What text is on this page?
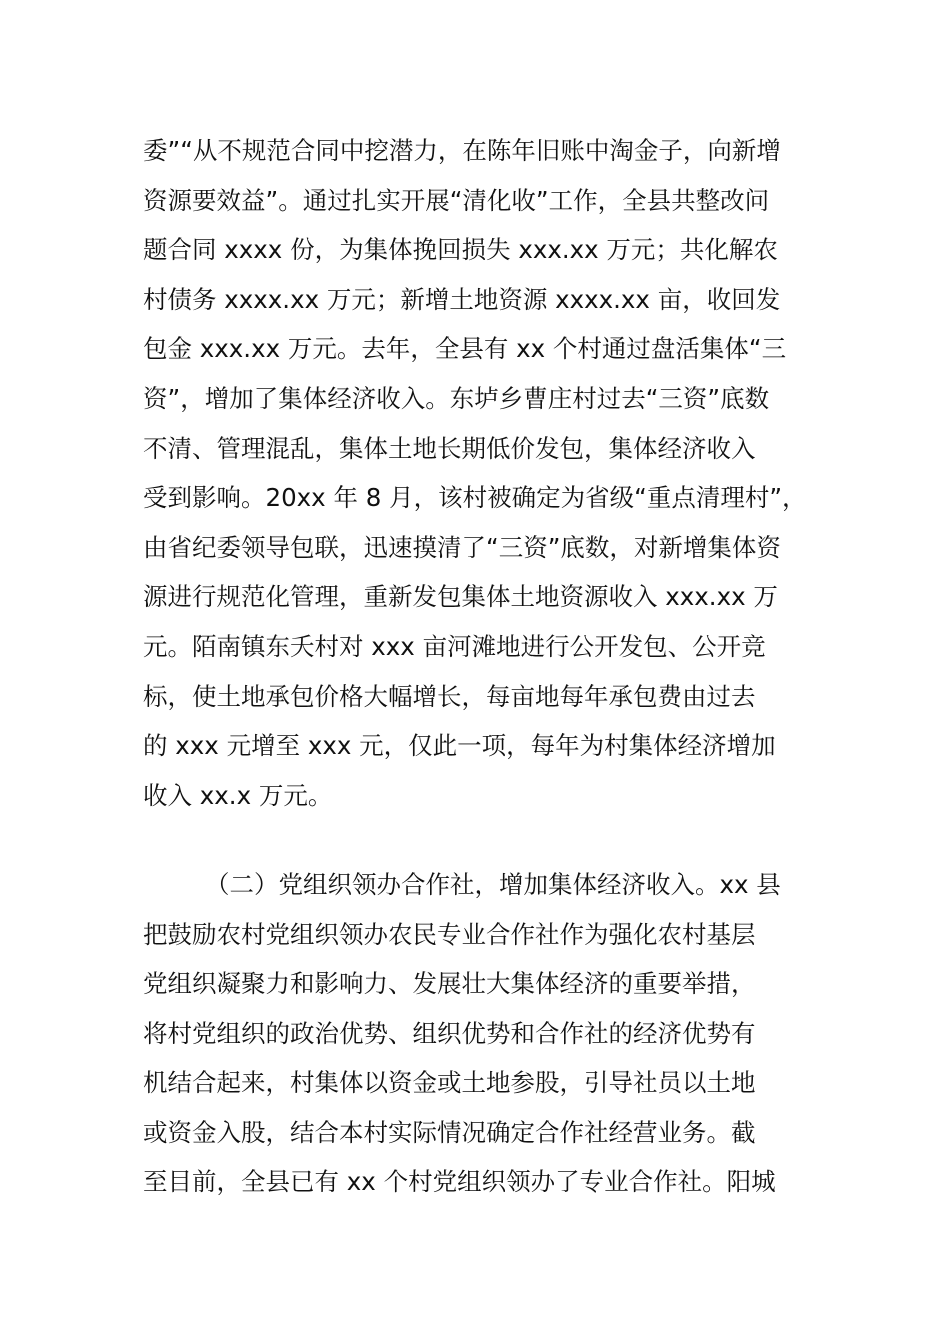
委”“从不规范合同中挖潜力，在陈年旧账中淘金子，向新增
资源要效益”。通过扎实开展“清化收”工作，全县共整改问
题合同 xxxx 份，为集体挽回损失 xxx.xx 万元；共化解农
村债务 xxxx.xx 万元；新增土地资源 xxxx.xx 亩，收回发
包金 xxx.xx 万元。去年，全县有 xx 个村通过盘活集体“三
资”，增加了集体经济收入。东垆乡曹庄村过去“三资”底数
不清、管理混乱，集体土地长期低价发包，集体经济收入
受到影响。20xx 年 8 月，该村被确定为省级“重点清理村”，
由省纪委领导包联，迅速摸清了“三资”底数，对新增集体资
源进行规范化管理，重新发包集体土地资源收入 xxx.xx 万
元。陌南镇东夭村对 xxx 亩河滩地进行公开发包、公开竞
标，使土地承包价格大幅增长，每亩地每年承包费由过去
的 xxx 元增至 xxx 元，仅此一项，每年为村集体经济增加
收入 xx.x 万元。
（二）党组织领办合作社，增加集体经济收入。xx 县
把鼓励农村党组织领办农民专业合作社作为强化农村基层
党组织凝聚力和影响力、发展壮大集体经济的重要举措，
将村党组织的政治优势、组织优势和合作社的经济优势有
机结合起来，村集体以资金或土地参股，引导社员以土地
或资金入股，结合本村实际情况确定合作社经营业务。截
至目前，全县已有 xx 个村党组织领办了专业合作社。阳城
